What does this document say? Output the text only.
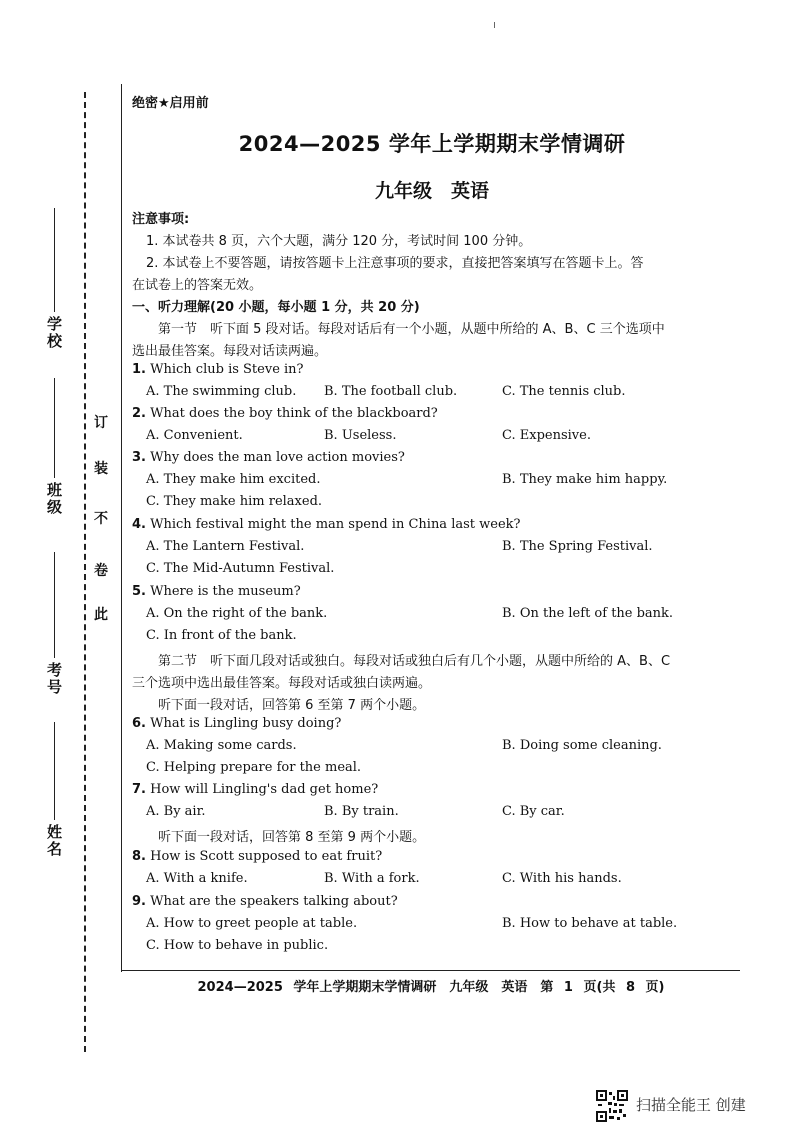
学校
班级
考号
姓名
此
卷
不
装
订
绝密★启用前
2024—2025 学年上学期期末学情调研
九年级　英语
注意事项:
1. 本试卷共 8 页，六个大题，满分 120 分，考试时间 100 分钟。
2. 本试卷上不要答题，请按答题卡上注意事项的要求，直接把答案填写在答题卡上。答
在试卷上的答案无效。
一、听力理解(20 小题，每小题 1 分，共 20 分)
第一节　听下面 5 段对话。每段对话后有一个小题，从题中所给的 A、B、C 三个选项中
选出最佳答案。每段对话读两遍。
1. Which club is Steve in?
A. The swimming club. B. The football club.	C. The tennis club.
2. What does the boy think of the blackboard?
A. Convenient.	B. Useless.	C. Expensive.
3. Why does the man love action movies?
A. They make him excited.	B. They make him happy.
C. They make him relaxed.
4. Which festival might the man spend in China last week?
A. The Lantern Festival.	B. The Spring Festival.
C. The Mid-Autumn Festival.
5. Where is the museum?
A. On the right of the bank.	B. On the left of the bank.
C. In front of the bank.
第二节　听下面几段对话或独白。每段对话或独白后有几个小题，从题中所给的 A、B、C
三个选项中选出最佳答案。每段对话或独白读两遍。
听下面一段对话，回答第 6 至第 7 两个小题。
6. What is Lingling busy doing?
A. Making some cards.	B. Doing some cleaning.
C. Helping prepare for the meal.
7. How will Lingling's dad get home?
A. By air.	B. By train.	C. By car.
听下面一段对话，回答第 8 至第 9 两个小题。
8. How is Scott supposed to eat fruit?
A. With a knife.	B. With a fork.	C. With his hands.
9. What are the speakers talking about?
A. How to greet people at table.	B. How to behave at table.
C. How to behave in public.
2024—2025 学年上学期期末学情调研　九年级　英语　第 1 页(共 8 页)
扫描全能王 创建
